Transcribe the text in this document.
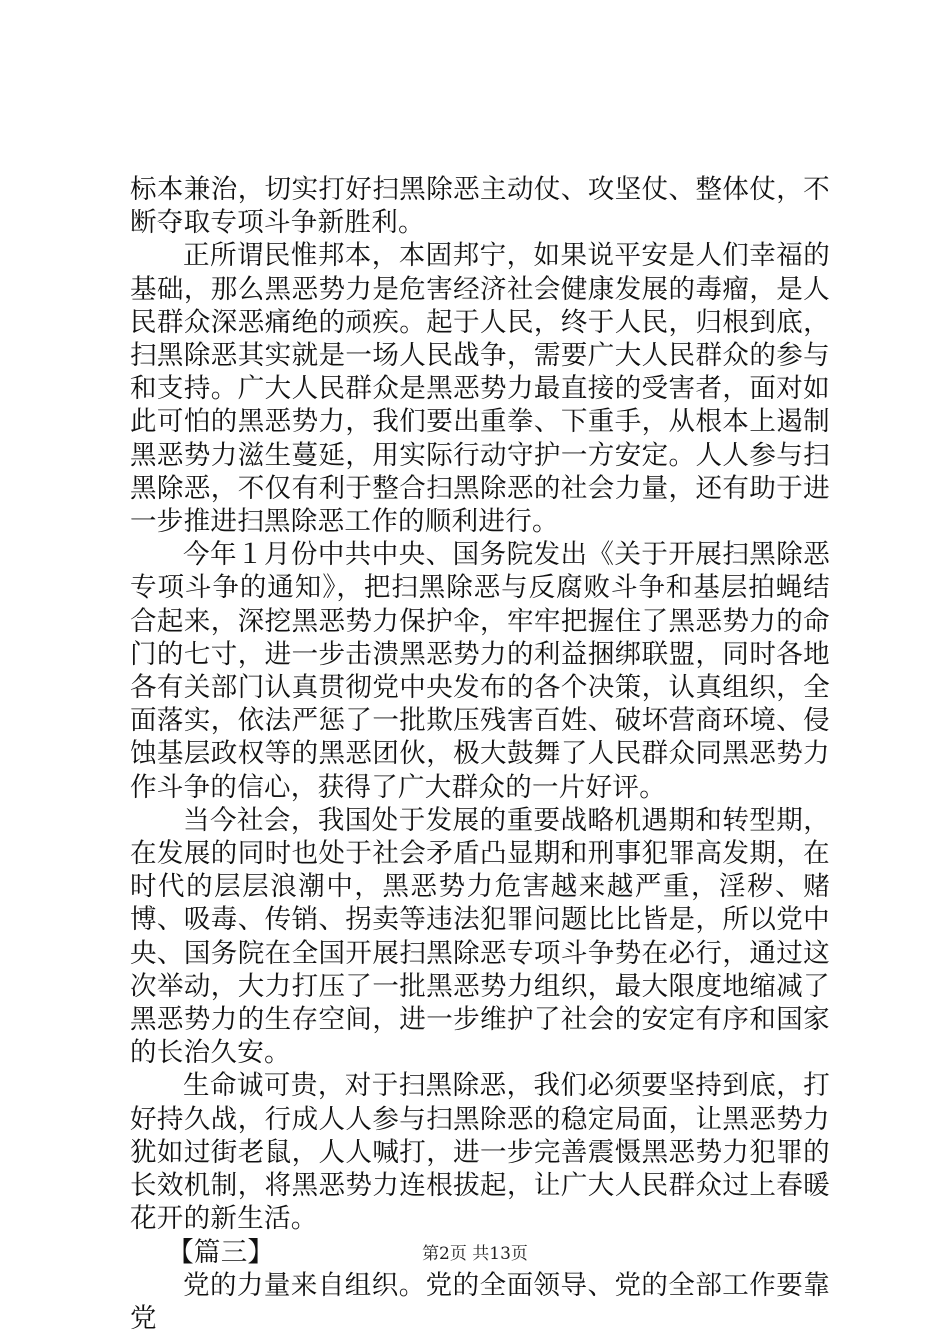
标本兼治，切实打好扫黑除恶主动仗、攻坚仗、整体仗，不断夺取专项斗争新胜利。

正所谓民惟邦本，本固邦宁，如果说平安是人们幸福的基础，那么黑恶势力是危害经济社会健康发展的毒瘤，是人民群众深恶痛绝的顽疾。起于人民，终于人民，归根到底，扫黑除恶其实就是一场人民战争，需要广大人民群众的参与和支持。广大人民群众是黑恶势力最直接的受害者，面对如此可怕的黑恶势力，我们要出重拳、下重手，从根本上遏制黑恶势力滋生蔓延，用实际行动守护一方安定。人人参与扫黑除恶，不仅有利于整合扫黑除恶的社会力量，还有助于进一步推进扫黑除恶工作的顺利进行。

今年１月份中共中央、国务院发出《关于开展扫黑除恶专项斗争的通知》，把扫黑除恶与反腐败斗争和基层拍蝇结合起来，深挖黑恶势力保护伞，牢牢把握住了黑恶势力的命门的七寸，进一步击溃黑恶势力的利益捆绑联盟，同时各地各有关部门认真贯彻党中央发布的各个决策，认真组织，全面落实，依法严惩了一批欺压残害百姓、破坏营商环境、侵蚀基层政权等的黑恶团伙，极大鼓舞了人民群众同黑恶势力作斗争的信心，获得了广大群众的一片好评。

当今社会，我国处于发展的重要战略机遇期和转型期，在发展的同时也处于社会矛盾凸显期和刑事犯罪高发期，在时代的层层浪潮中，黑恶势力危害越来越严重，淫秽、赌博、吸毒、传销、拐卖等违法犯罪问题比比皆是，所以党中央、国务院在全国开展扫黑除恶专项斗争势在必行，通过这次举动，大力打压了一批黑恶势力组织，最大限度地缩减了黑恶势力的生存空间，进一步维护了社会的安定有序和国家的长治久安。

生命诚可贵，对于扫黑除恶，我们必须要坚持到底，打好持久战，行成人人参与扫黑除恶的稳定局面，让黑恶势力犹如过街老鼠，人人喊打，进一步完善震慑黑恶势力犯罪的长效机制，将黑恶势力连根拔起，让广大人民群众过上春暖花开的新生活。

【篇三】

党的力量来自组织。党的全面领导、党的全部工作要靠党

第2页 共13页
